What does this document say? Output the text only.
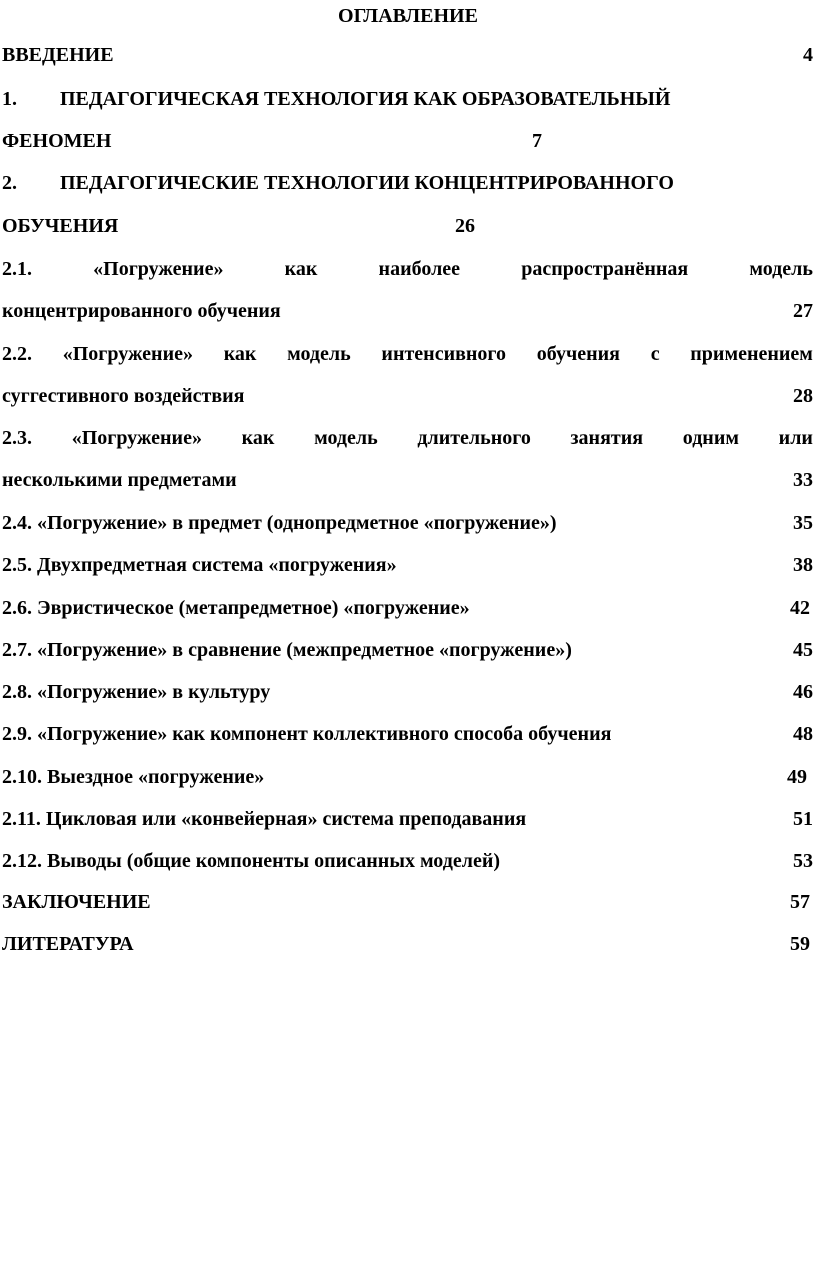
ОГЛАВЛЕНИЕ
ВВЕДЕНИЕ	4
1. ПЕДАГОГИЧЕСКАЯ ТЕХНОЛОГИЯ КАК ОБРАЗОВАТЕЛЬНЫЙ
ФЕНОМЕН	7
2. ПЕДАГОГИЧЕСКИЕ ТЕХНОЛОГИИ КОНЦЕНТРИРОВАННОГО
ОБУЧЕНИЯ	26
2.1.	«Погружение»	как	наиболее	распространённая	модель
концентрированного обучения	27
2.2. «Погружение» как модель интенсивного обучения с применением
суггестивного воздействия	28
2.3. «Погружение» как модель длительного занятия одним или
несколькими предметами	33
2.4. «Погружение» в предмет (однопредметное «погружение»)	35
2.5. Двухпредметная система «погружения»	38
2.6. Эвристическое (метапредметное) «погружение»	42
2.7. «Погружение» в сравнение (межпредметное «погружение»)	45
2.8. «Погружение» в культуру	46
2.9. «Погружение» как компонент коллективного способа обучения	48
2.10. Выездное «погружение»	49
2.11. Цикловая или «конвейерная» система преподавания	51
2.12. Выводы (общие компоненты описанных моделей)	53
ЗАКЛЮЧЕНИЕ	57
ЛИТЕРАТУРА	59
